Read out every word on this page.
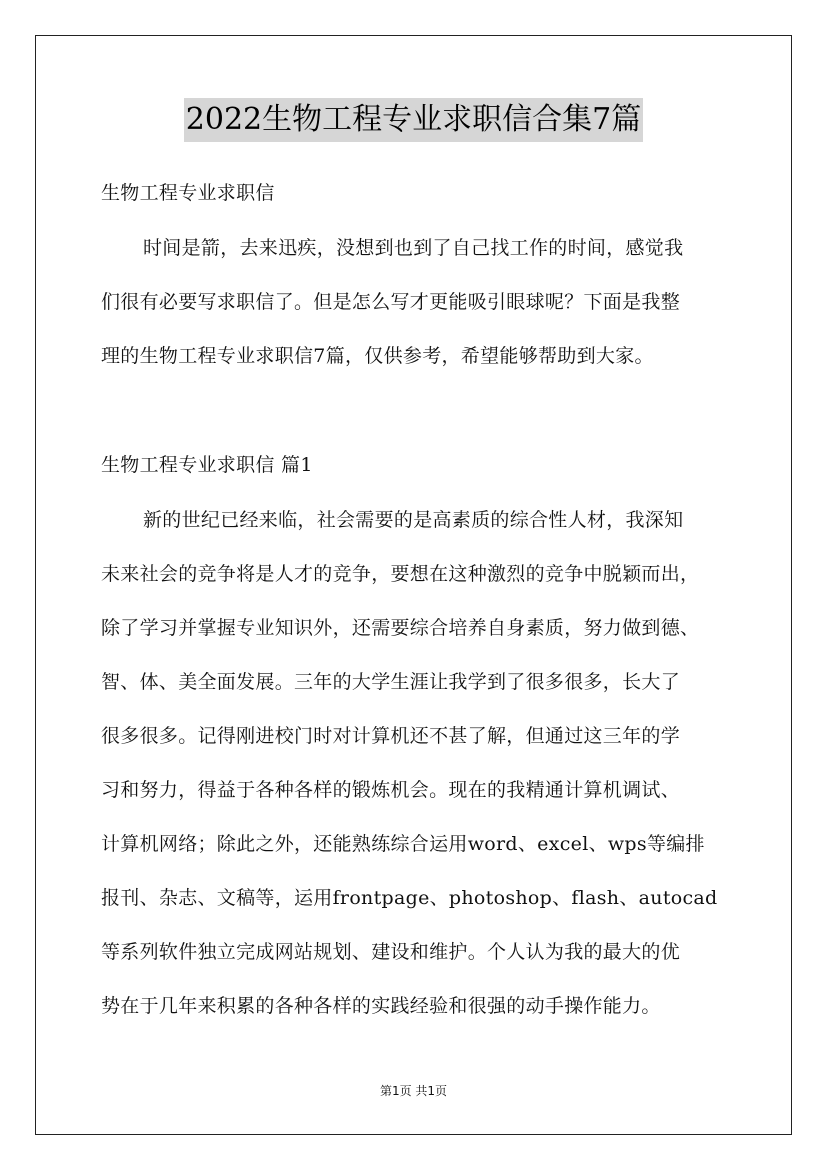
2022生物工程专业求职信合集7篇
生物工程专业求职信
时间是箭，去来迅疾，没想到也到了自己找工作的时间，感觉我
们很有必要写求职信了。但是怎么写才更能吸引眼球呢？下面是我整
理的生物工程专业求职信7篇，仅供参考，希望能够帮助到大家。
生物工程专业求职信 篇1
新的世纪已经来临，社会需要的是高素质的综合性人材，我深知
未来社会的竞争将是人才的竞争，要想在这种激烈的竞争中脱颖而出，
除了学习并掌握专业知识外，还需要综合培养自身素质，努力做到德、
智、体、美全面发展。三年的大学生涯让我学到了很多很多，长大了
很多很多。记得刚进校门时对计算机还不甚了解，但通过这三年的学
习和努力，得益于各种各样的锻炼机会。现在的我精通计算机调试、
计算机网络；除此之外，还能熟练综合运用word、excel、wps等编排
报刊、杂志、文稿等，运用frontpage、photoshop、flash、autocad
等系列软件独立完成网站规划、建设和维护。个人认为我的最大的优
势在于几年来积累的各种各样的实践经验和很强的动手操作能力。
第1页 共1页
